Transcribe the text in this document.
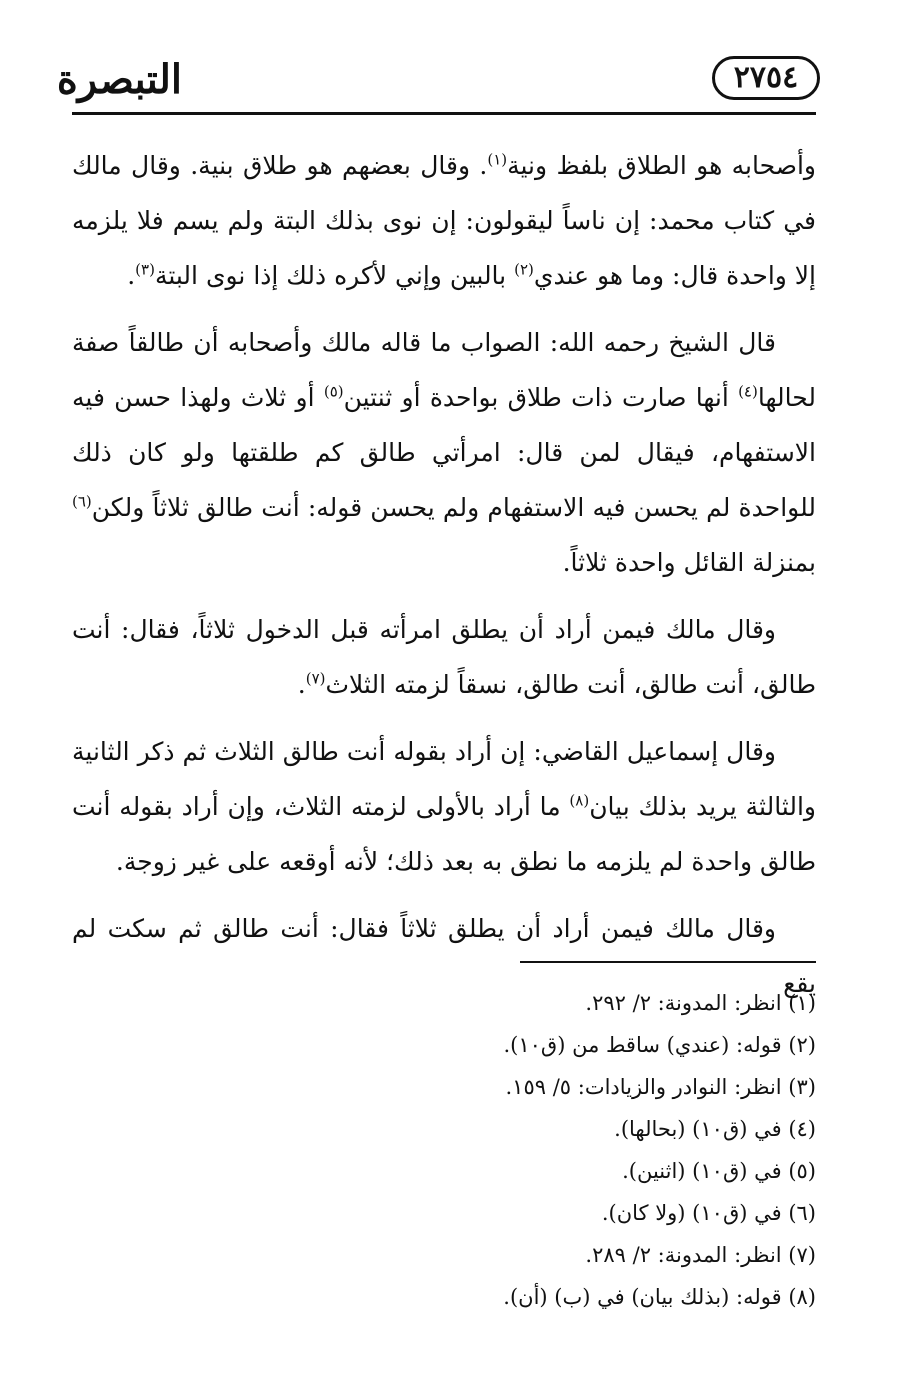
التبصرة	٢٧٥٤

وأصحابه هو الطلاق بلفظ ونية$^{(١)}$. وقال بعضهم هو طلاق بنية. وقال مالك في كتاب محمد: إن ناساً ليقولون: إن نوى بذلك البتة ولم يسم فلا يلزمه إلا واحدة قال: وما هو عندي$^{(٢)}$ بالبين وإني لأكره ذلك إذا نوى البتة$^{(٣)}$.

قال الشيخ رحمه الله: الصواب ما قاله مالك وأصحابه أن طالقاً صفة لحالها$^{(٤)}$ أنها صارت ذات طلاق بواحدة أو ثنتين$^{(٥)}$ أو ثلاث ولهذا حسن فيه الاستفهام، فيقال لمن قال: امرأتي طالق كم طلقتها ولو كان ذلك للواحدة لم يحسن فيه الاستفهام ولم يحسن قوله: أنت طالق ثلاثاً ولكن$^{(٦)}$ بمنزلة القائل واحدة ثلاثاً.

وقال مالك فيمن أراد أن يطلق امرأته قبل الدخول ثلاثاً، فقال: أنت طالق، أنت طالق، أنت طالق، نسقاً لزمته الثلاث$^{(٧)}$.

وقال إسماعيل القاضي: إن أراد بقوله أنت طالق الثلاث ثم ذكر الثانية والثالثة يريد بذلك بيان$^{(٨)}$ ما أراد بالأولى لزمته الثلاث، وإن أراد بقوله أنت طالق واحدة لم يلزمه ما نطق به بعد ذلك؛ لأنه أوقعه على غير زوجة.

وقال مالك فيمن أراد أن يطلق ثلاثاً فقال: أنت طالق ثم سكت لم يقع

(١) انظر: المدونة: ٢/ ٢٩٢.

(٢) قوله: (عندي) ساقط من (ق١٠).

(٣) انظر: النوادر والزيادات: ٥/ ١٥٩.

(٤) في (ق١٠) (بحالها).

(٥) في (ق١٠) (اثنين).

(٦) في (ق١٠) (ولا كان).

(٧) انظر: المدونة: ٢/ ٢٨٩.

(٨) قوله: (بذلك بيان) في (ب) (أن).
